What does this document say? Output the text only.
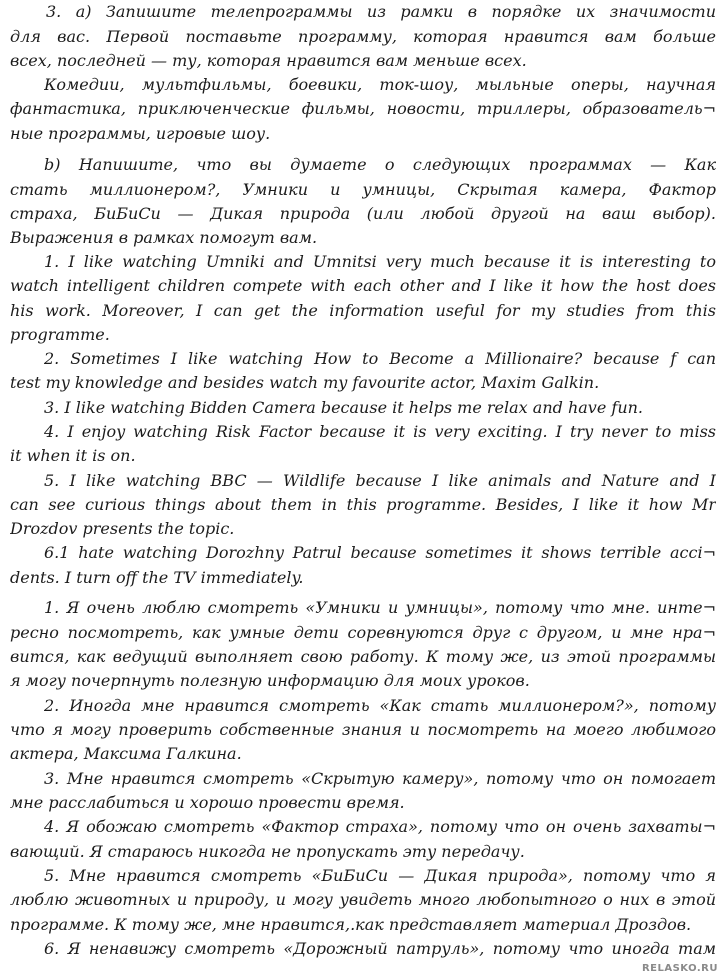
3. a) Запишите телепрограммы из рамки в порядке их значимости
для вас. Первой поставьте программу, которая нравится вам больше
всех, последней — ту, которая нравится вам меньше всех.
Комедии, мультфильмы, боевики, ток-шоу, мыльные оперы, научная
фантастика, приключенческие фильмы, новости, триллеры, образователь¬
ные программы, игровые шоу.
b) Напишите, что вы думаете о следующих программах — Как
стать миллионером?, Умники и умницы, Скрытая камера, Фактор
страха, БиБиСи — Дикая природа (или любой другой на ваш выбор).
Выражения в рамках помогут вам.
1. I like watching Umniki and Umnitsi very much because it is interesting to
watch intelligent children compete with each other and I like it how the host does
his work. Moreover, I can get the information useful for my studies from this
programme.
2. Sometimes I like watching How to Become a Millionaire? because f can
test my knowledge and besides watch my favourite actor, Maxim Galkin.
3. I like watching Bidden Camera because it helps me relax and have fun.
4. I enjoy watching Risk Factor because it is very exciting. I try never to miss
it when it is on.
5. I like watching BBC — Wildlife because I like animals and Nature and I
can see curious things about them in this programme. Besides, I like it how Mr
Drozdov presents the topic.
6.1 hate watching Dorozhny Patrul because sometimes it shows terrible acci¬
dents. I turn off the TV immediately.
1. Я очень люблю смотреть «Умники и умницы», потому что мне. инте¬
ресно посмотреть, как умные дети соревнуются друг с другом, и мне нра¬
вится, как ведущий выполняет свою работу. К тому же, из этой программы
я могу почерпнуть полезную информацию для моих уроков.
2. Иногда мне нравится смотреть «Как стать миллионером?», потому
что я могу проверить собственные знания и посмотреть на моего любимого
актера, Максима Галкина.
3. Мне нравится смотреть «Скрытую камеру», потому что он помогает
мне расслабиться и хорошо провести время.
4. Я обожаю смотреть «Фактор страха», потому что он очень захваты¬
вающий. Я стараюсь никогда не пропускать эту передачу.
5. Мне нравится смотреть «БиБиСи — Дикая природа», потому что я
люблю животных и природу, и могу увидеть много любопытного о них в этой
программе. К тому же, мне нравится,.как представляет материал Дроздов.
6. Я ненавижу смотреть «Дорожный патруль», потому что иногда там
RELASKO.RU
